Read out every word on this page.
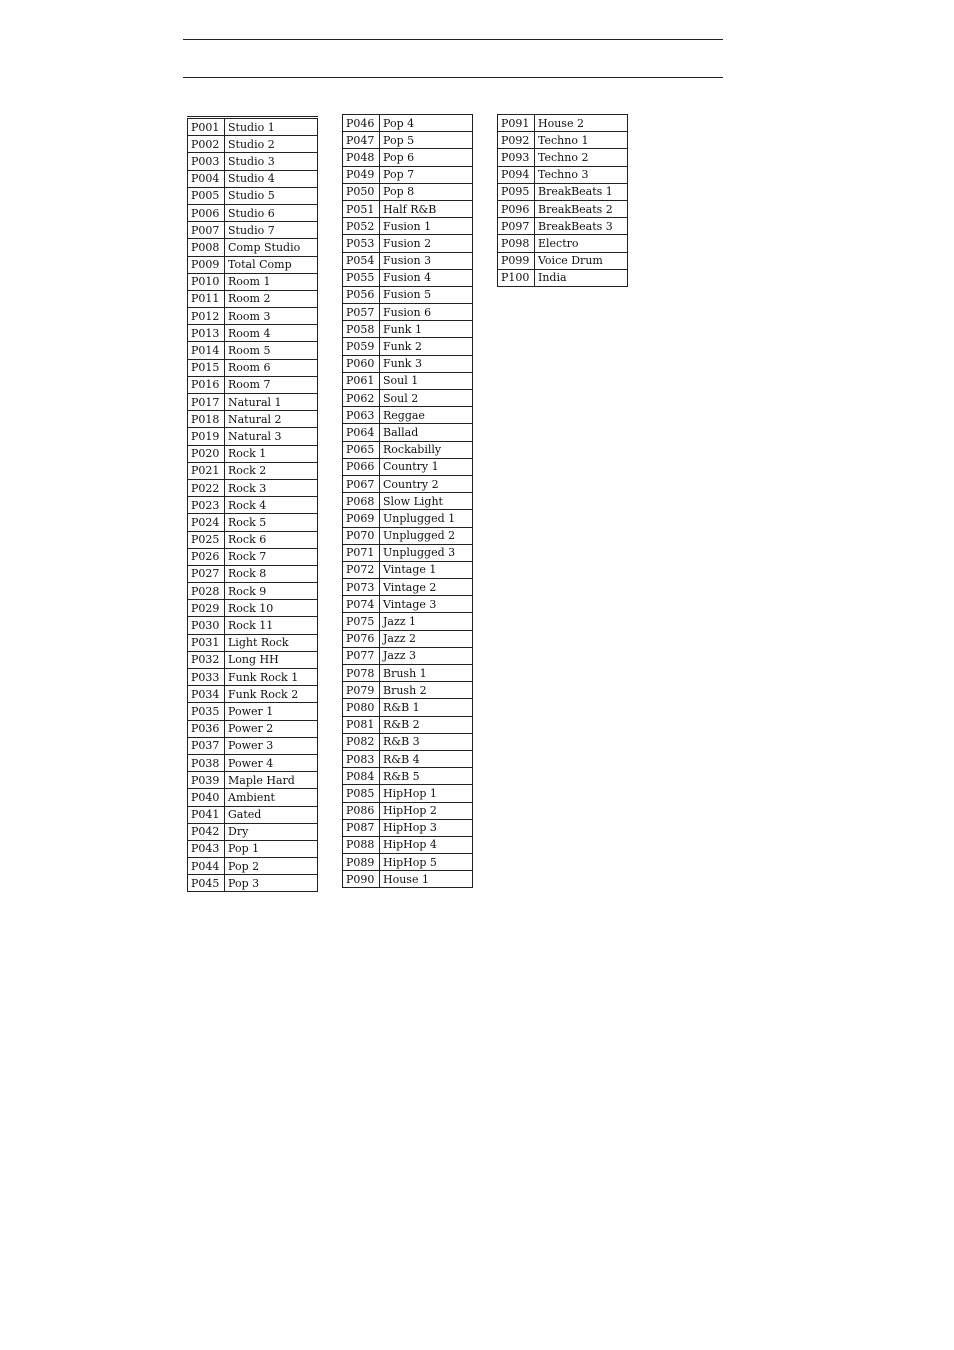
P001	Studio 1
P002	Studio 2
P003	Studio 3
P004	Studio 4
P005	Studio 5
P006	Studio 6
P007	Studio 7
P008	Comp Studio
P009	Total Comp
P010	Room 1
P011	Room 2
P012	Room 3
P013	Room 4
P014	Room 5
P015	Room 6
P016	Room 7
P017	Natural 1
P018	Natural 2
P019	Natural 3
P020	Rock 1
P021	Rock 2
P022	Rock 3
P023	Rock 4
P024	Rock 5
P025	Rock 6
P026	Rock 7
P027	Rock 8
P028	Rock 9
P029	Rock 10
P030	Rock 11
P031	Light Rock
P032	Long HH
P033	Funk Rock 1
P034	Funk Rock 2
P035	Power 1
P036	Power 2
P037	Power 3
P038	Power 4
P039	Maple Hard
P040	Ambient
P041	Gated
P042	Dry
P043	Pop 1
P044	Pop 2
P045	Pop 3
P046	Pop 4
P047	Pop 5
P048	Pop 6
P049	Pop 7
P050	Pop 8
P051	Half R&B
P052	Fusion 1
P053	Fusion 2
P054	Fusion 3
P055	Fusion 4
P056	Fusion 5
P057	Fusion 6
P058	Funk 1
P059	Funk 2
P060	Funk 3
P061	Soul 1
P062	Soul 2
P063	Reggae
P064	Ballad
P065	Rockabilly
P066	Country 1
P067	Country 2
P068	Slow Light
P069	Unplugged 1
P070	Unplugged 2
P071	Unplugged 3
P072	Vintage 1
P073	Vintage 2
P074	Vintage 3
P075	Jazz 1
P076	Jazz 2
P077	Jazz 3
P078	Brush 1
P079	Brush 2
P080	R&B 1
P081	R&B 2
P082	R&B 3
P083	R&B 4
P084	R&B 5
P085	HipHop 1
P086	HipHop 2
P087	HipHop 3
P088	HipHop 4
P089	HipHop 5
P090	House 1
P091	House 2
P092	Techno 1
P093	Techno 2
P094	Techno 3
P095	BreakBeats 1
P096	BreakBeats 2
P097	BreakBeats 3
P098	Electro
P099	Voice Drum
P100	India
